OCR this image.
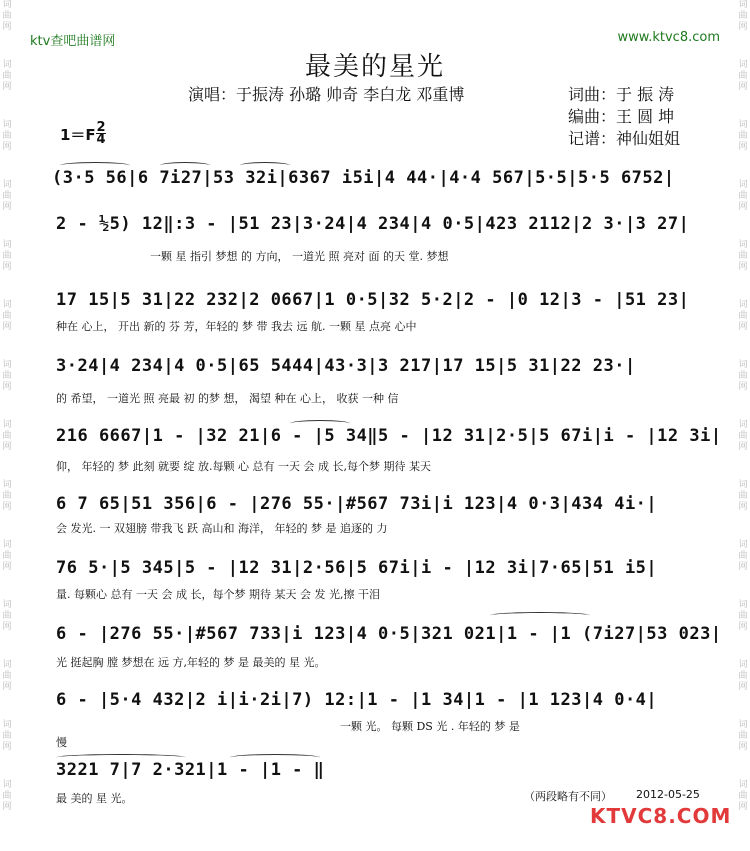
词
曲
网
词
曲
网
词
曲
网
词
曲
网
词
曲
网
词
曲
网
词
曲
网
词
曲
网
词
曲
网
词
曲
网
词
曲
网
词
曲
网
词
曲
网
词
曲
网
词
曲
网
词
曲
网
词
曲
网
词
曲
网
词
曲
网
词
曲
网
词
曲
网
词
曲
网
词
曲
网
词
曲
网
词
曲
网
词
曲
网
词
曲
网
词
曲
网
ktv查吧曲谱网	www.ktvc8.com
最美的星光
演唱：于振涛 孙璐 帅奇 李白龙 邓重博	词曲：于 振 涛
编曲：王 圆 坤
记谱：神仙姐姐
1＝F 2
4
(3·5 56|6 7i27|53 32i|6367 i5i|4 44·|4·4 567|5·5|5·5 6752|
2 - ½5) 12‖:3 - |51 23|3·24|4 234|4 0·5|423 2112|2 3·|3 27|
一颗 星 指引 梦想 的 方向， 一道光 照 亮对 面 的天 堂. 梦想
17 15|5 31|22 232|2 0667|1 0·5|32 5·2|2 - |0 12|3 - |51 23|
种在 心上， 开出 新的 芬 芳，年轻的 梦 带 我去 远 航. 一颗 星 点亮 心中
3·24|4 234|4 0·5|65 5444|43·3|3 217|17 15|5 31|22 23·|
的 希望， 一道光 照 亮最 初 的梦 想， 渴望 种在 心上， 收获 一种 信
216 6667|1 - |32 21|6 - |5 34‖5 - |12 31|2·5|5 67i|i - |12 3i|
仰， 年轻的 梦 此刻 就要 绽 放.每颗 心 总有 一天 会 成 长,每个梦 期待 某天
6 7 65|51 356|6 - |276 55·|#567 73i|i 123|4 0·3|434 4i·|
会 发光. 一 双翅膀 带我飞 跃 高山和 海洋， 年轻的 梦 是 追逐的 力
76 5·|5 345|5 - |12 31|2·56|5 67i|i - |12 3i|7·65|51 i5|
量. 每颗心 总有 一天 会 成 长，每个梦 期待 某天 会 发 光,擦 干泪
6 - |276 55·|#567 733|i 123|4 0·5|321 021|1 - |1 (7i27|53 023|
光 挺起胸 膛 梦想在 远 方,年轻的 梦 是 最美的 星 光。
6 - |5·4 432|2 i|i·2i|7) 12:|1 - |1 34|1 - |1 123|4 0·4|
一颗 光。 每颗 DS 光 . 年轻的 梦 是
慢
3221 7|7 2·321|1 - |1 - ‖
最 美的 星 光。	（两段略有不同） 2012-05-25
KTVC8.COM
